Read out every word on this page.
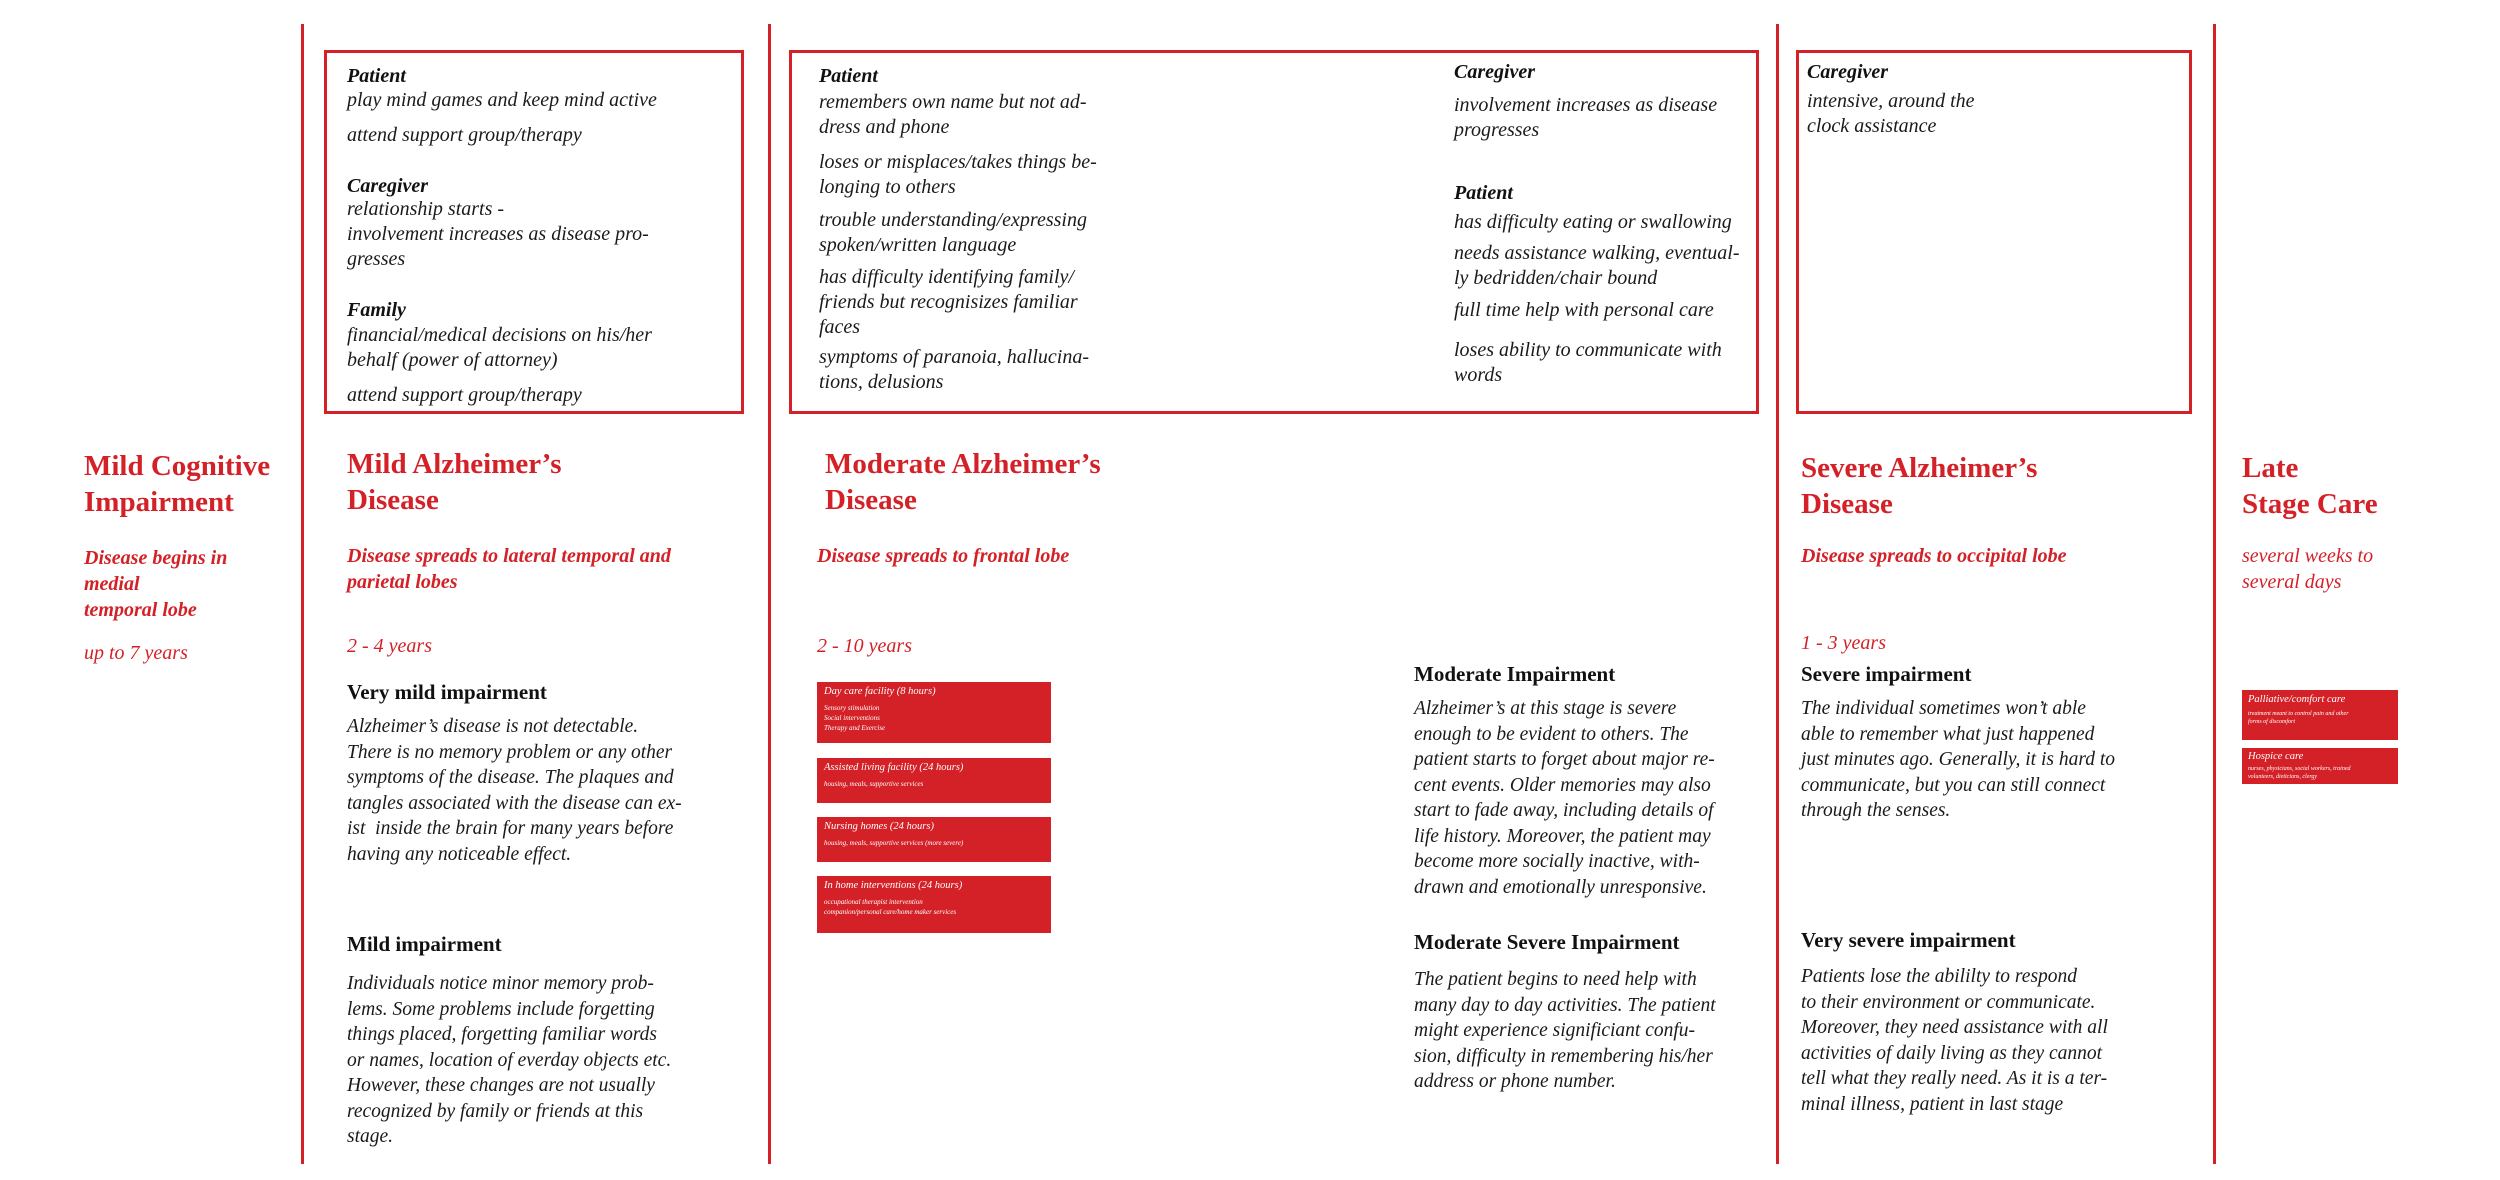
Patient
play mind games and keep mind active
attend support group/therapy
Caregiver
relationship starts -
involvement increases as disease pro-
gresses
Family
financial/medical decisions on his/her
behalf (power of attorney)
attend support group/therapy
Patient
remembers own name but not ad-
dress and phone
loses or misplaces/takes things be-
longing to others
trouble understanding/expressing
spoken/written language
has difficulty identifying family/
friends but recognisizes familiar
faces
symptoms of paranoia, hallucina-
tions, delusions
Caregiver
involvement increases as disease
progresses
Patient
has difficulty eating or swallowing
needs assistance walking, eventual-
ly bedridden/chair bound
full time help with personal care
loses ability to communicate with
words
Caregiver
intensive, around the
clock assistance
Mild Cognitive
Impairment
Disease begins in
medial
temporal lobe
up to 7 years
Mild Alzheimer’s
Disease
Disease spreads to lateral temporal and
parietal lobes
2 - 4 years
Very mild impairment
Alzheimer’s disease is not detectable.
There is no memory problem or any other
symptoms of the disease. The plaques and
tangles associated with the disease can ex-
ist  inside the brain for many years before
having any noticeable effect.
Mild impairment
Individuals notice minor memory prob-
lems. Some problems include forgetting
things placed, forgetting familiar words
or names, location of everday objects etc.
However, these changes are not usually
recognized by family or friends at this
stage.
Moderate Alzheimer’s
Disease
Disease spreads to frontal lobe
2 - 10 years
Day care facility (8 hours)
Sensory stimulation
Social interventions
Therapy and Exercise
Assisted living facility (24 hours)
housing, meals, supportive services
Nursing homes (24 hours)
housing, meals, supportive services (more severe)
In home interventions (24 hours)
occupational therapist intervention
companion/personal care/home maker services
Moderate Impairment
Alzheimer’s at this stage is severe
enough to be evident to others. The
patient starts to forget about major re-
cent events. Older memories may also
start to fade away, including details of
life history. Moreover, the patient may
become more socially inactive, with-
drawn and emotionally unresponsive.
Moderate Severe Impairment
The patient begins to need help with
many day to day activities. The patient
might experience significiant confu-
sion, difficulty in remembering his/her
address or phone number.
Severe Alzheimer’s
Disease
Disease spreads to occipital lobe
1 - 3 years
Severe impairment
The individual sometimes won’t able
able to remember what just happened
just minutes ago. Generally, it is hard to
communicate, but you can still connect
through the senses.
Very severe impairment
Patients lose the abililty to respond
to their environment or communicate.
Moreover, they need assistance with all
activities of daily living as they cannot
tell what they really need. As it is a ter-
minal illness, patient in last stage
Late
Stage Care
several weeks to
several days
Palliative/comfort care
treatment meant to control pain and other
forms of discomfort
Hospice care
nurses, physicians, social workers, trained
volunteers, dieticians, clergy
